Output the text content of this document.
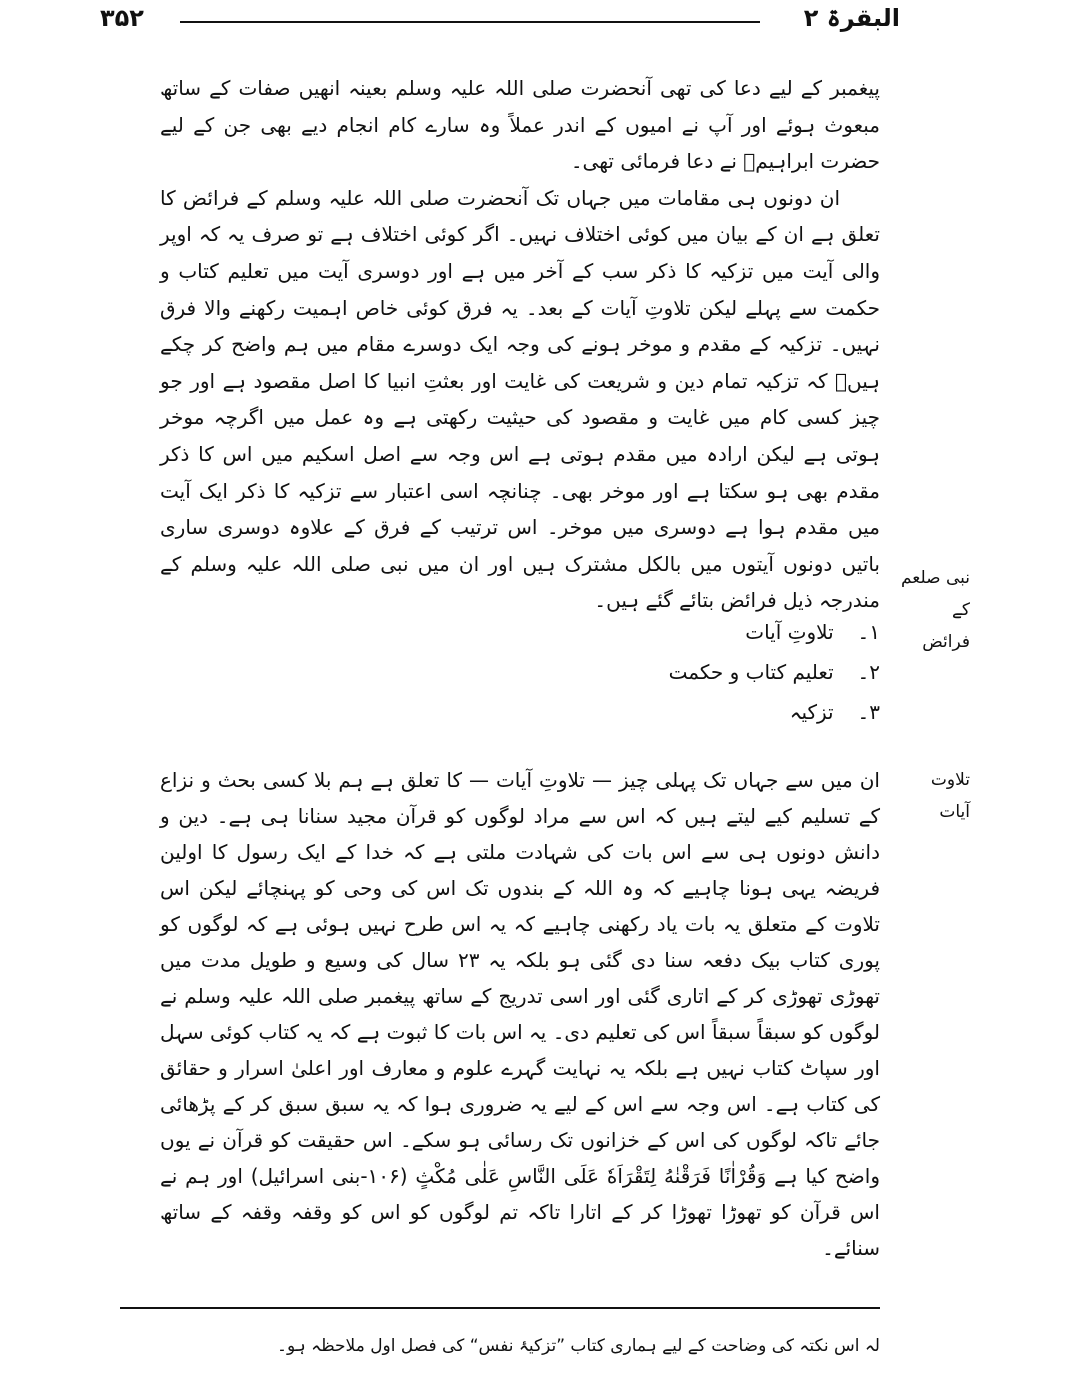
۳۵۲	البقرۃ ۲

پیغمبر کے لیے دعا کی تھی آنحضرت صلی اللہ علیہ وسلم بعینہ انھیں صفات کے ساتھ مبعوث ہوئے اور آپ نے امیوں کے اندر عملاً وہ سارے کام انجام دیے بھی جن کے لیے حضرت ابراہیمؑ نے دعا فرمائی تھی۔

ان دونوں ہی مقامات میں جہاں تک آنحضرت صلی اللہ علیہ وسلم کے فرائض کا تعلق ہے ان کے بیان میں کوئی اختلاف نہیں۔ اگر کوئی اختلاف ہے تو صرف یہ کہ اوپر والی آیت میں تزکیہ کا ذکر سب کے آخر میں ہے اور دوسری آیت میں تعلیم کتاب و حکمت سے پہلے لیکن تلاوتِ آیات کے بعد۔ یہ فرق کوئی خاص اہمیت رکھنے والا فرق نہیں۔ تزکیہ کے مقدم و موخر ہونے کی وجہ ایک دوسرے مقام میں ہم واضح کر چکے ہیںؔ کہ تزکیہ تمام دین و شریعت کی غایت اور بعثتِ انبیا کا اصل مقصود ہے اور جو چیز کسی کام میں غایت و مقصود کی حیثیت رکھتی ہے وہ عمل میں اگرچہ موخر ہوتی ہے لیکن ارادہ میں مقدم ہوتی ہے اس وجہ سے اصل اسکیم میں اس کا ذکر مقدم بھی ہو سکتا ہے اور موخر بھی۔ چنانچہ اسی اعتبار سے تزکیہ کا ذکر ایک آیت میں مقدم ہوا ہے دوسری میں موخر۔ اس ترتیب کے فرق کے علاوہ دوسری ساری باتیں دونوں آیتوں میں بالکل مشترک ہیں اور ان میں نبی صلی اللہ علیہ وسلم کے مندرجہ ذیل فرائض بتائے گئے ہیں۔

نبی صلعم کے فرائض
۱۔ تلاوتِ آیات
۲۔ تعلیم کتاب و حکمت
۳۔ تزکیہ
تلاوت آیات

ان میں سے جہاں تک پہلی چیز — تلاوتِ آیات — کا تعلق ہے ہم بلا کسی بحث و نزاع کے تسلیم کیے لیتے ہیں کہ اس سے مراد لوگوں کو قرآن مجید سنانا ہی ہے۔ دین و دانش دونوں ہی سے اس بات کی شہادت ملتی ہے کہ خدا کے ایک رسول کا اولین فریضہ یہی ہونا چاہیے کہ وہ اللہ کے بندوں تک اس کی وحی کو پہنچائے لیکن اس تلاوت کے متعلق یہ بات یاد رکھنی چاہیے کہ یہ اس طرح نہیں ہوئی ہے کہ لوگوں کو پوری کتاب بیک دفعہ سنا دی گئی ہو بلکہ یہ ۲۳ سال کی وسیع و طویل مدت میں تھوڑی تھوڑی کر کے اتاری گئی اور اسی تدریج کے ساتھ پیغمبر صلی اللہ علیہ وسلم نے لوگوں کو سبقاً سبقاً اس کی تعلیم دی۔ یہ اس بات کا ثبوت ہے کہ یہ کتاب کوئی سہل اور سپاٹ کتاب نہیں ہے بلکہ یہ نہایت گہرے علوم و معارف اور اعلیٰ اسرار و حقائق کی کتاب ہے۔ اس وجہ سے اس کے لیے یہ ضروری ہوا کہ یہ سبق سبق کر کے پڑھائی جائے تاکہ لوگوں کی اس کے خزانوں تک رسائی ہو سکے۔ اس حقیقت کو قرآن نے یوں واضح کیا ہے وَقُرْاٰنًا فَرَقْنٰهُ لِتَقْرَاَهٗ عَلَى النَّاسِ عَلٰى مُكْثٍ (۱۰۶-بنی اسرائیل) اور ہم نے اس قرآن کو تھوڑا تھوڑا کر کے اتارا تاکہ تم لوگوں کو اس کو وقفہ وقفہ کے ساتھ سنائے۔

لہ اس نکتہ کی وضاحت کے لیے ہماری کتاب ”تزکیۂ نفس“ کی فصل اول ملاحظہ ہو۔
